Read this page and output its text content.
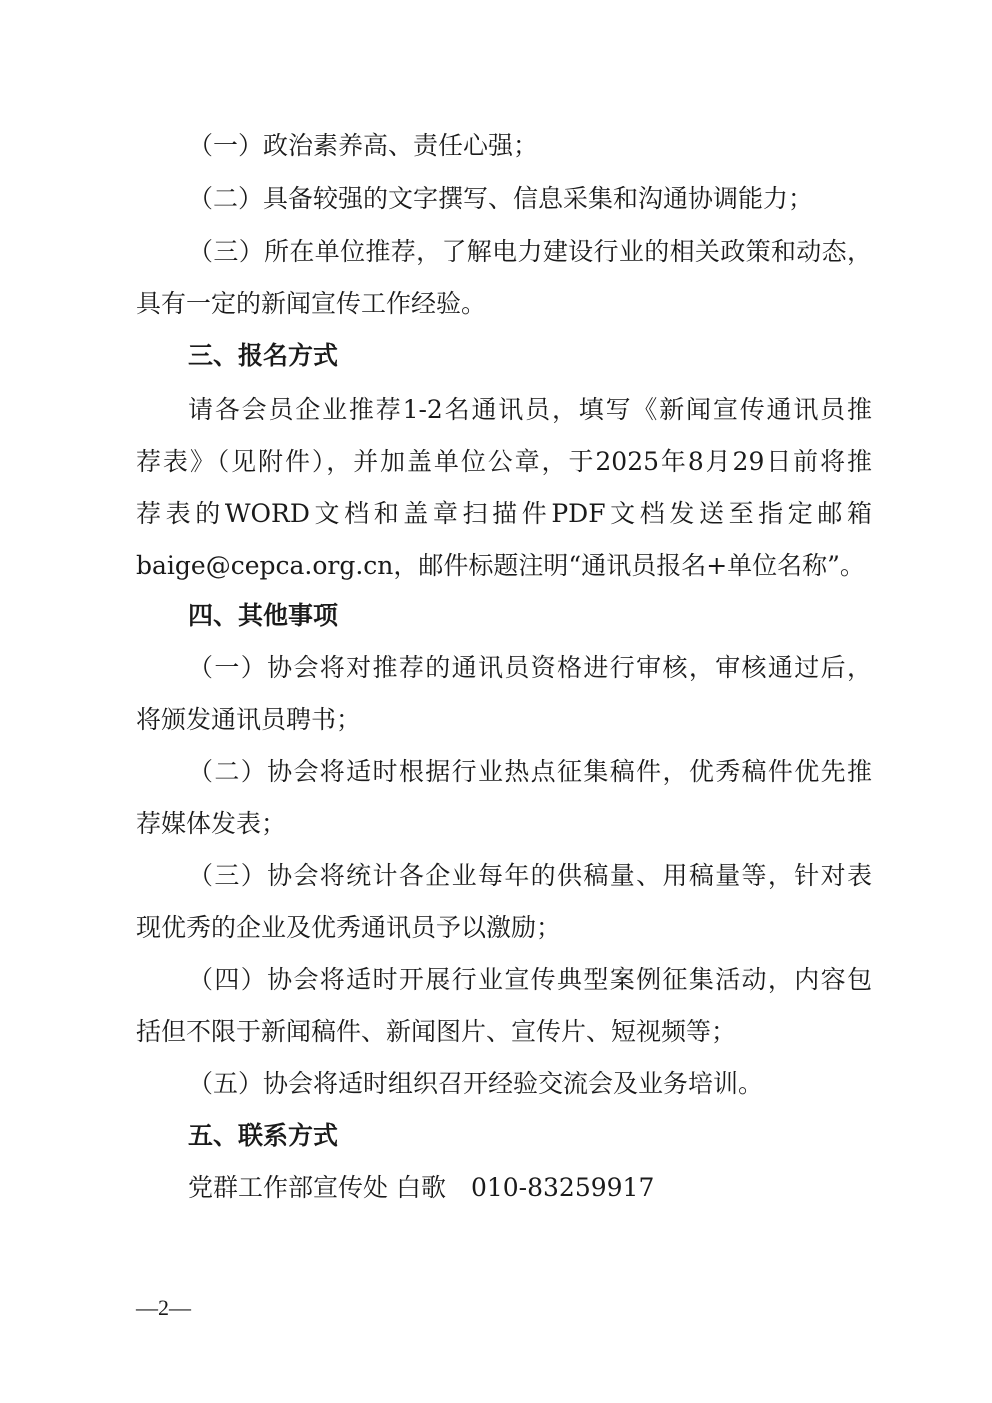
（一）政治素养高、责任心强；
（二）具备较强的文字撰写、信息采集和沟通协调能力；
（三）所在单位推荐，了解电力建设行业的相关政策和动态，
具有一定的新闻宣传工作经验。
三、报名方式
请各会员企业推荐1-2名通讯员，填写《新闻宣传通讯员推
荐表》（见附件），并加盖单位公章，于2025年8月29日前将推
荐表的WORD文档和盖章扫描件PDF文档发送至指定邮箱
baige@cepca.org.cn，邮件标题注明“通讯员报名+单位名称”。
四、其他事项
（一）协会将对推荐的通讯员资格进行审核，审核通过后，
将颁发通讯员聘书；
（二）协会将适时根据行业热点征集稿件，优秀稿件优先推
荐媒体发表；
（三）协会将统计各企业每年的供稿量、用稿量等，针对表
现优秀的企业及优秀通讯员予以激励；
（四）协会将适时开展行业宣传典型案例征集活动，内容包
括但不限于新闻稿件、新闻图片、宣传片、短视频等；
（五）协会将适时组织召开经验交流会及业务培训。
五、联系方式
党群工作部宣传处 白歌　010-83259917
—2—
